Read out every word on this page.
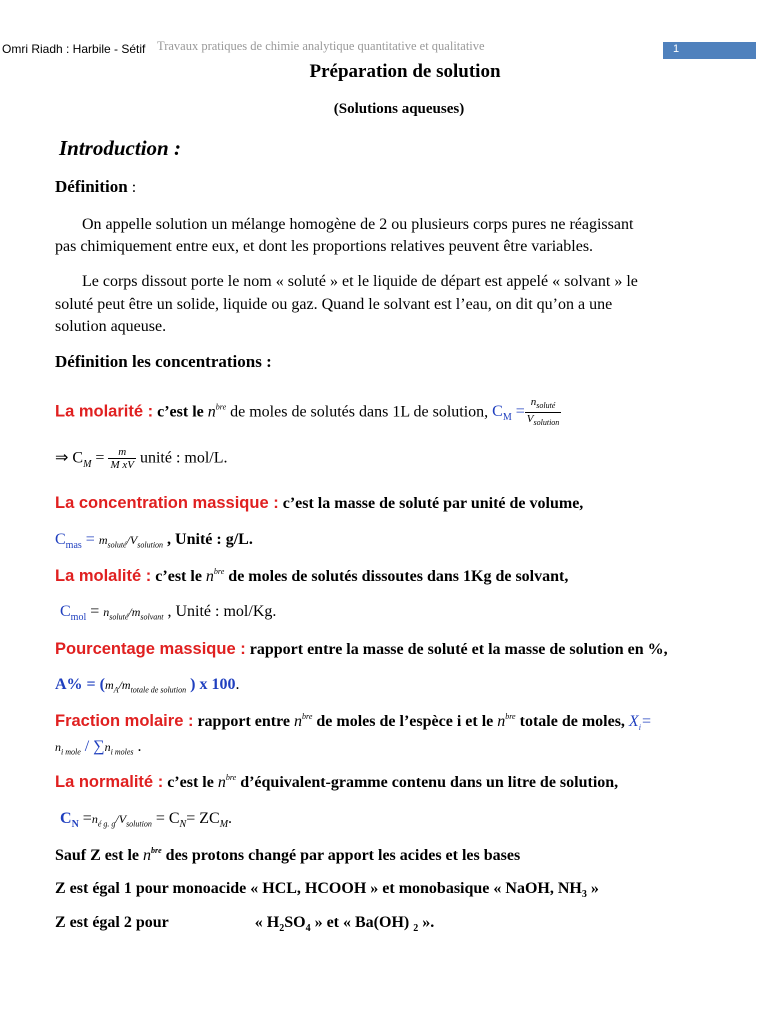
Omri Riadh : Harbile - Sétif Travaux pratiques de chimie analytique quantitative et qualitative	1
Préparation de solution
(Solutions aqueuses)
Introduction :
Définition :
On appelle solution un mélange homogène de 2 ou plusieurs corps pures ne réagissant
pas chimiquement entre eux, et dont les proportions relatives peuvent être variables.
Le corps dissout porte le nom « soluté » et le liquide de départ est appelé « solvant » le
soluté peut être un solide, liquide ou gaz. Quand le solvant est l’eau, on dit qu’on a une
solution aqueuse.
Définition les concentrations :
La molarité : c’est le $n^{bre}$ de moles de solutés dans 1L de solution, $C_M = \frac{n_{soluté}}{V_{solution}}$
⇒ $C_M = \frac{m}{\text{M xV}}$ unité : mol/L.
La concentration massique : c’est la masse de soluté par unité de volume,
$C_{mas} = m_{soluté}/V_{solution}$ , Unité : g/L.
La molalité : c’est le $n^{bre}$ de moles de solutés dissoutes dans 1Kg de solvant,
$C_{mol} = n_{soluté}/m_{solvant}$ , Unité : mol/Kg.
Pourcentage massique : rapport entre la masse de soluté et la masse de solution en %,
$A\% = (m_A/m_{totale de solution}$ ) x 100.
Fraction molaire : rapport entre $n^{bre}$ de moles de l’espèce i et le $n^{bre}$ totale de moles, $X_i=$
$n_{i mole} / \sum n_{i moles}$ .
La normalité : c’est le $n^{bre}$ d’équivalent-gramme contenu dans un litre de solution,
$C_N =n_{é g. g}/V_{solution} = C_N= ZC_M$.
Sauf Z est le $n^{bre}$ des protons changé par apport les acides et les bases
Z est égal 1 pour monoacide « HCL, HCOOH » et monobasique « NaOH, $NH_3$ »
Z est égal 2 pour	« $H_2SO_4$ » et « Ba(OH) $_2$ ».
